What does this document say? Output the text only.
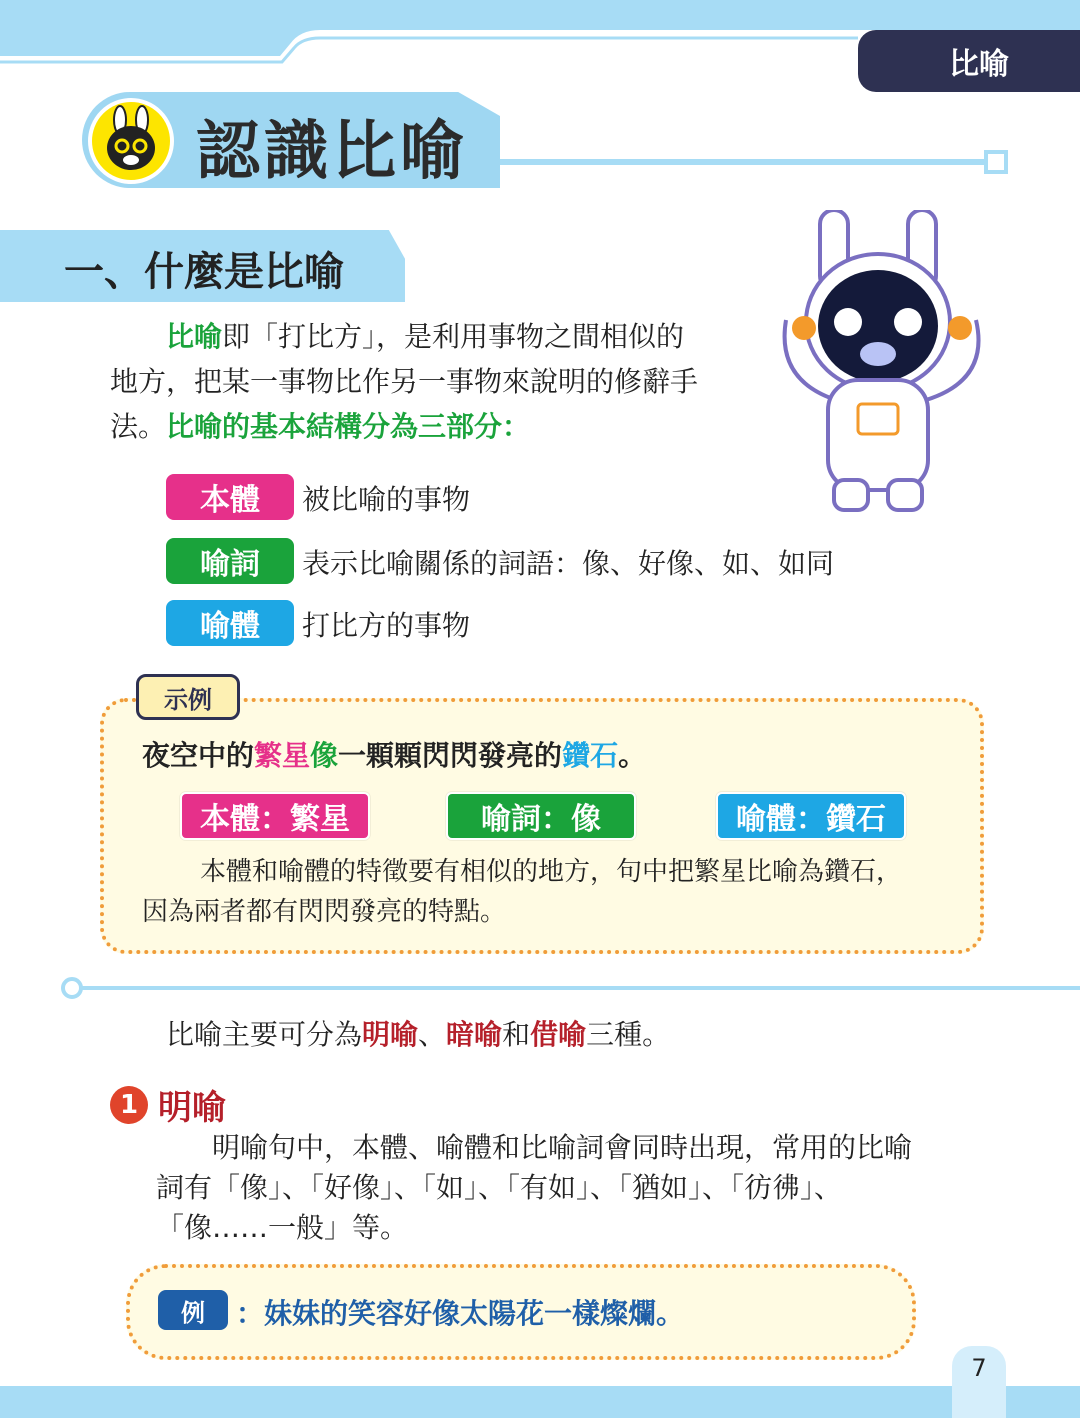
比喻
認識比喻
一、什麼是比喻
比喻即「打比方」，是利用事物之間相似的
地方，把某一事物比作另一事物來說明的修辭手
法。比喻的基本結構分為三部分：
本體	被比喻的事物
喻詞	表示比喻關係的詞語：像、好像、如、如同
喻體	打比方的事物
示例
夜空中的繁星像一顆顆閃閃發亮的鑽石。
本體：繁星	喻詞：像	喻體：鑽石
本體和喻體的特徵要有相似的地方，句中把繁星比喻為鑽石，
因為兩者都有閃閃發亮的特點。
比喻主要可分為明喻、暗喻和借喻三種。
1 明喻
明喻句中，本體、喻體和比喻詞會同時出現，常用的比喻
詞有「像」、「好像」、「如」、「有如」、「猶如」、「彷彿」、
「像……一般」等。
例	：妹妹的笑容好像太陽花一樣燦爛。
7
